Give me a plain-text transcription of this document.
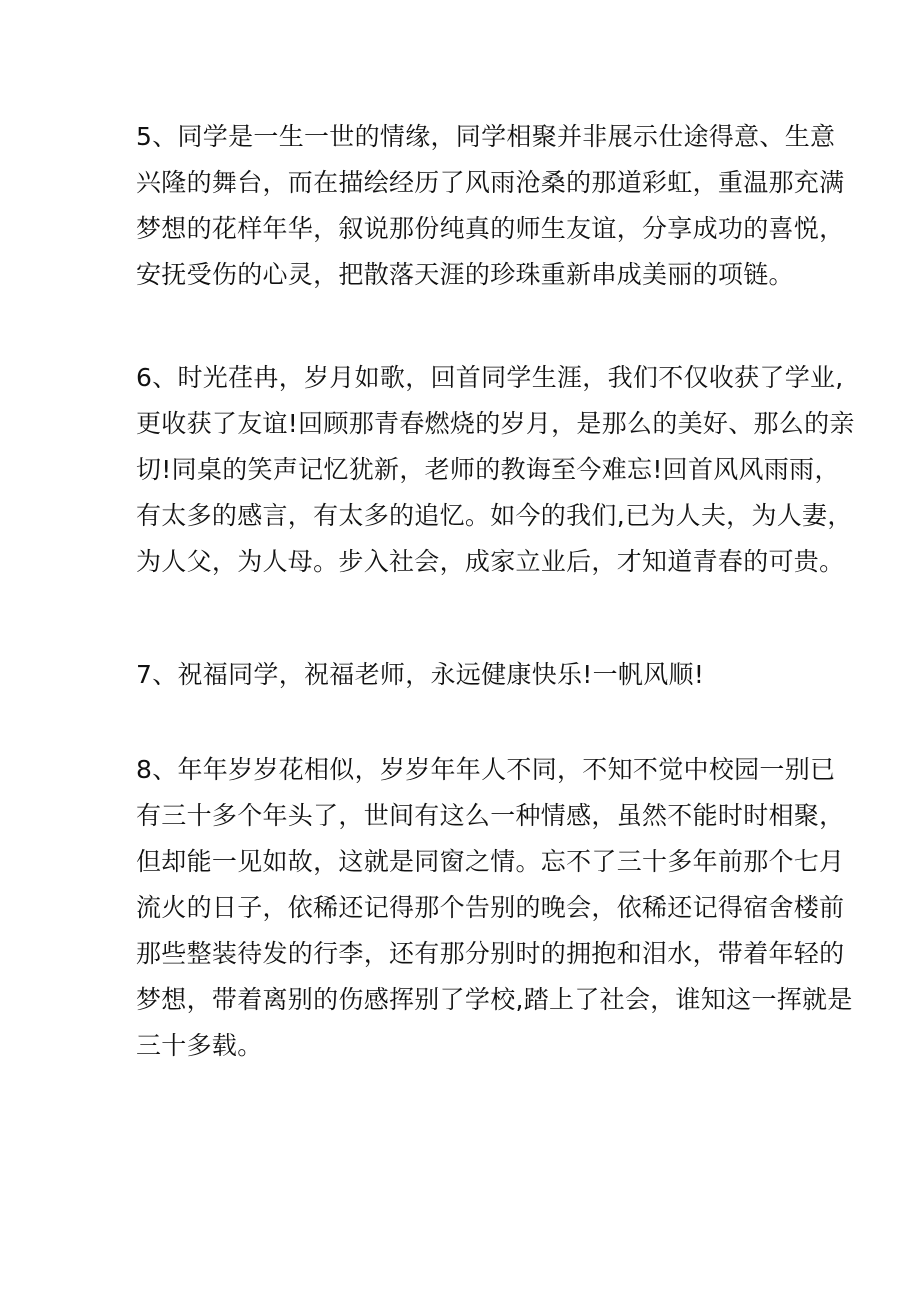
5、同学是一生一世的情缘，同学相聚并非展示仕途得意、生意
兴隆的舞台，而在描绘经历了风雨沧桑的那道彩虹，重温那充满
梦想的花样年华，叙说那份纯真的师生友谊，分享成功的喜悦，
安抚受伤的心灵，把散落天涯的珍珠重新串成美丽的项链。
6、时光荏冉，岁月如歌，回首同学生涯，我们不仅收获了学业,
更收获了友谊!回顾那青春燃烧的岁月，是那么的美好、那么的亲
切!同桌的笑声记忆犹新，老师的教诲至今难忘!回首风风雨雨，
有太多的感言，有太多的追忆。如今的我们,已为人夫，为人妻，
为人父，为人母。步入社会，成家立业后，才知道青春的可贵。
7、祝福同学，祝福老师，永远健康快乐!一帆风顺!
8、年年岁岁花相似，岁岁年年人不同，不知不觉中校园一别已
有三十多个年头了，世间有这么一种情感，虽然不能时时相聚，
但却能一见如故，这就是同窗之情。忘不了三十多年前那个七月
流火的日子，依稀还记得那个告别的晚会，依稀还记得宿舍楼前
那些整装待发的行李，还有那分别时的拥抱和泪水，带着年轻的
梦想，带着离别的伤感挥别了学校,踏上了社会，谁知这一挥就是
三十多载。
